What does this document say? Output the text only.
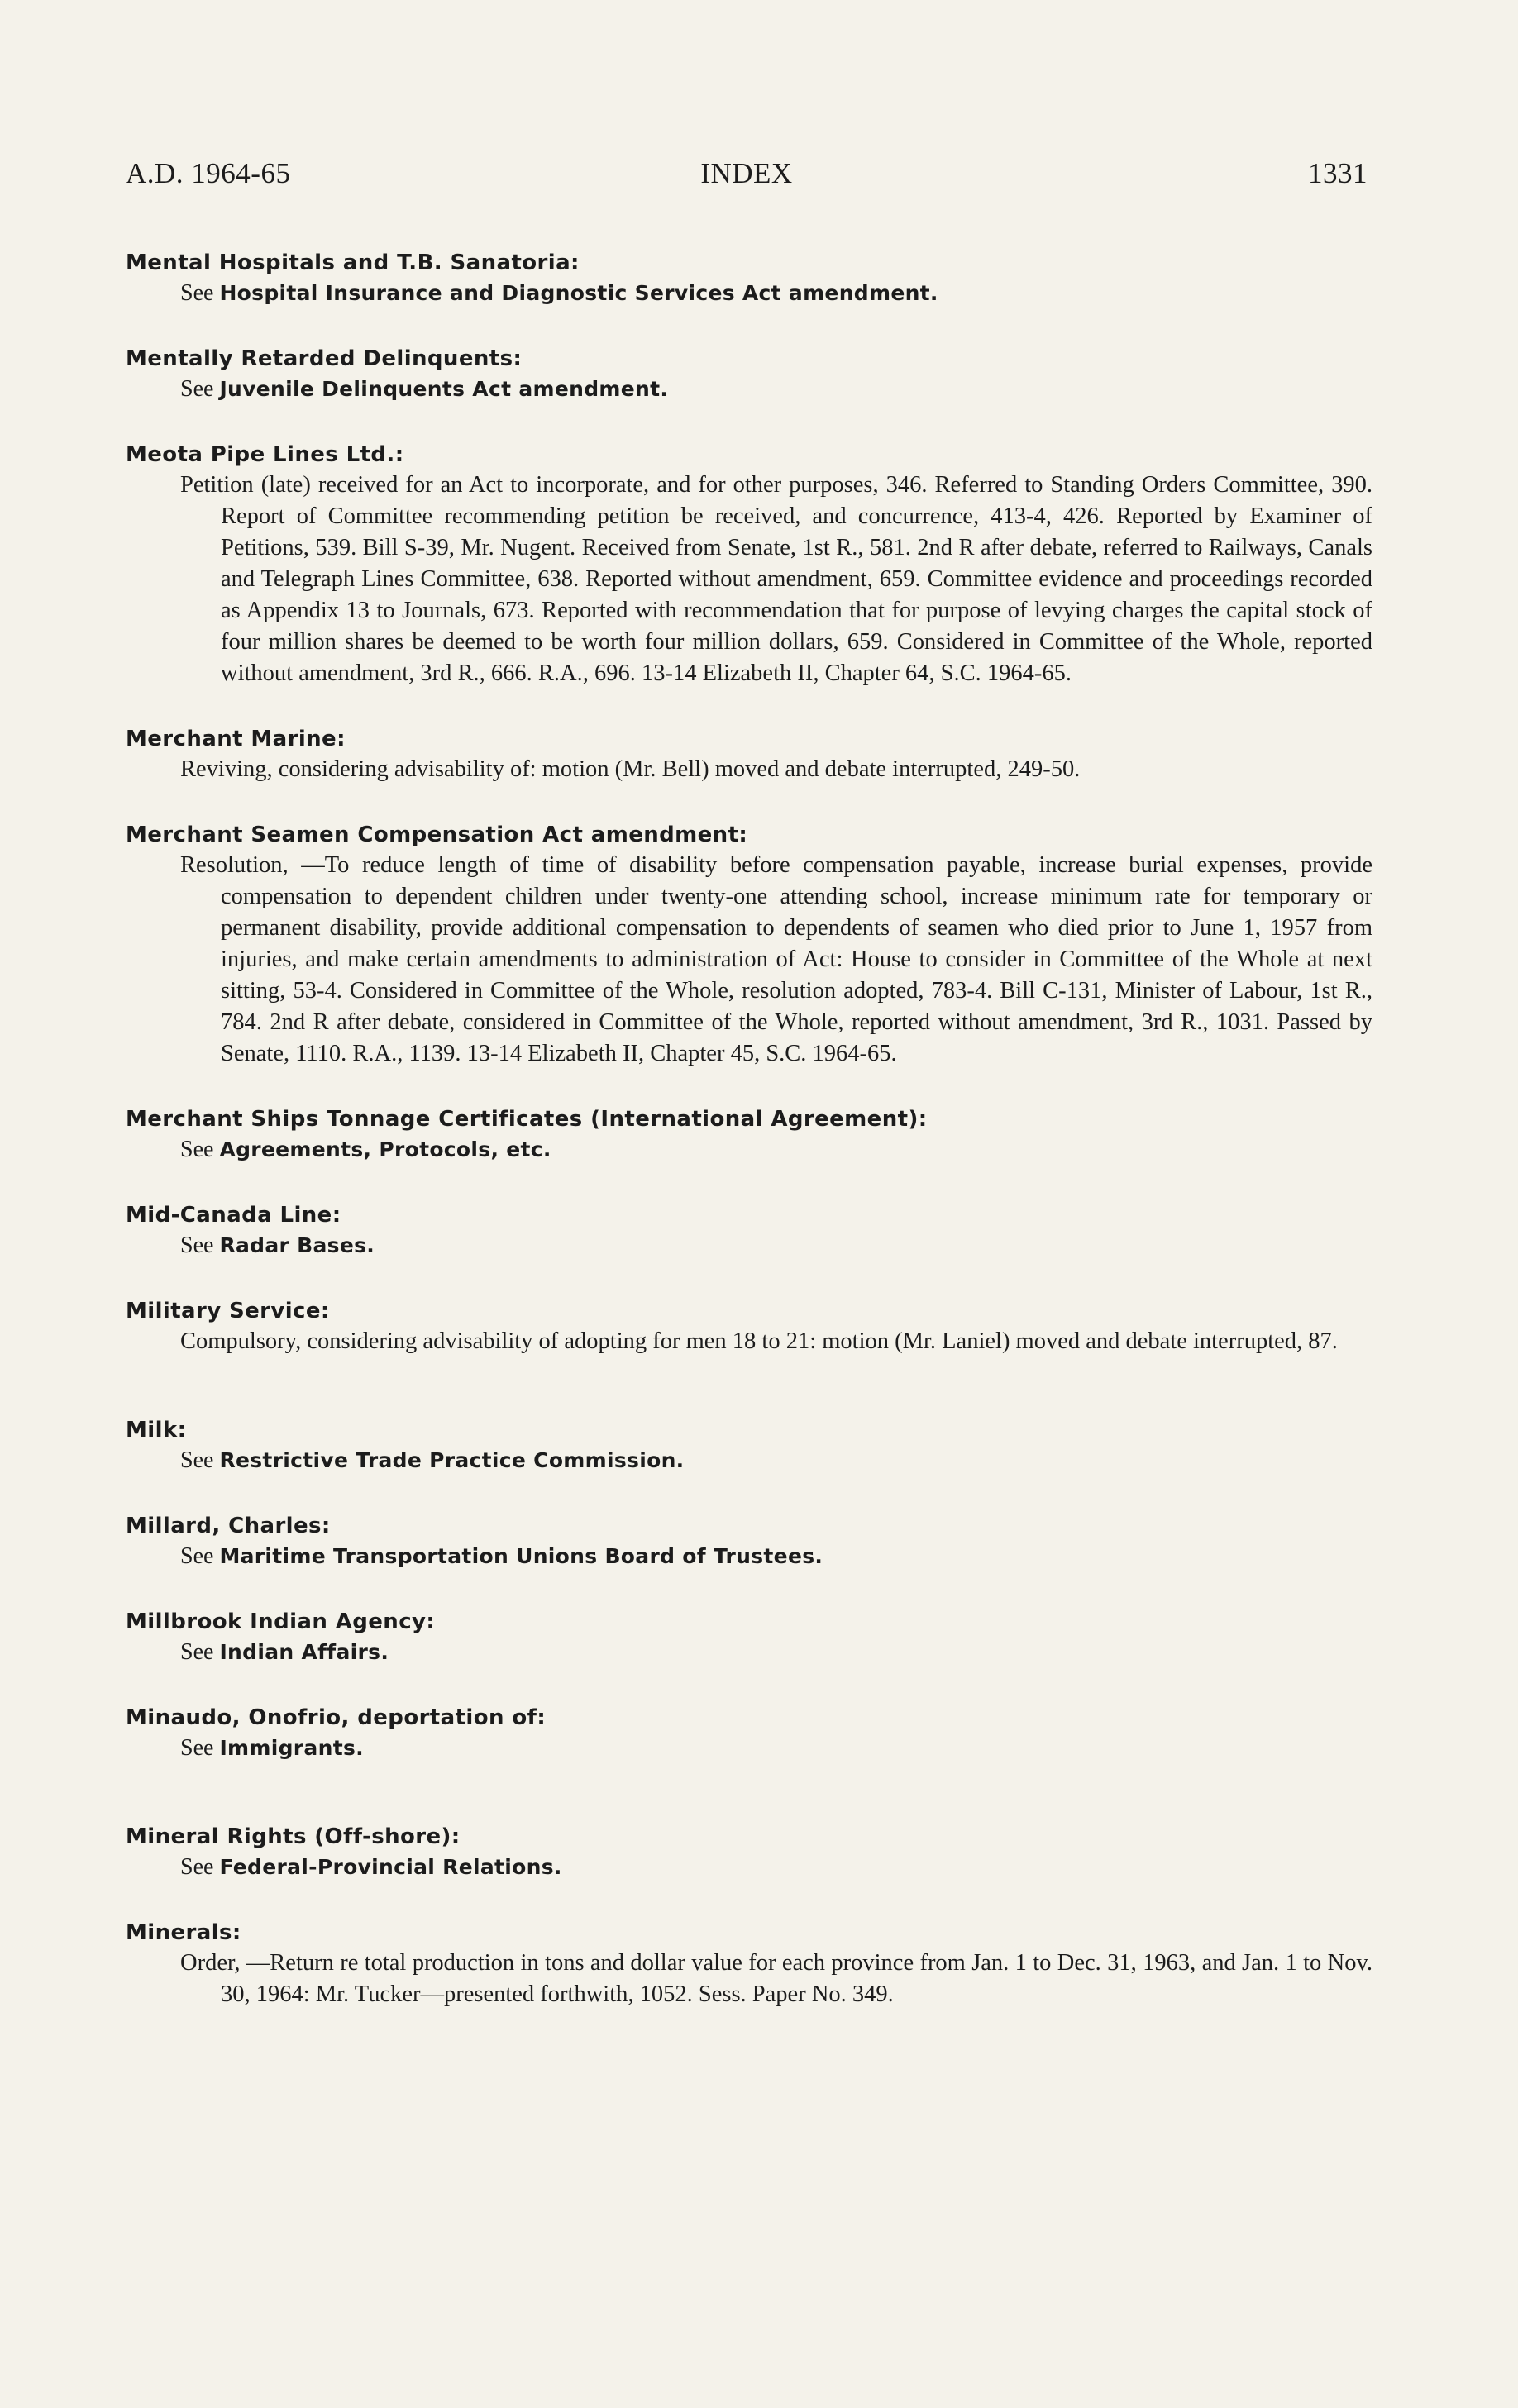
A.D. 1964-65	INDEX	1331
Mental Hospitals and T.B. Sanatoria:
See Hospital Insurance and Diagnostic Services Act amendment.
Mentally Retarded Delinquents:
See Juvenile Delinquents Act amendment.
Meota Pipe Lines Ltd.:
Petition (late) received for an Act to incorporate, and for other purposes, 346. Referred to Standing Orders Committee, 390. Report of Committee recommending petition be received, and concurrence, 413-4, 426. Reported by Examiner of Petitions, 539. Bill S-39, Mr. Nugent. Received from Senate, 1st R., 581. 2nd R after debate, referred to Railways, Canals and Telegraph Lines Committee, 638. Reported without amendment, 659. Committee evidence and proceedings recorded as Appendix 13 to Journals, 673. Reported with recommendation that for purpose of levying charges the capital stock of four million shares be deemed to be worth four million dollars, 659. Considered in Committee of the Whole, reported without amendment, 3rd R., 666. R.A., 696. 13-14 Elizabeth II, Chapter 64, S.C. 1964-65.
Merchant Marine:
Reviving, considering advisability of: motion (Mr. Bell) moved and debate interrupted, 249-50.
Merchant Seamen Compensation Act amendment:
Resolution, —To reduce length of time of disability before compensation payable, increase burial expenses, provide compensation to dependent children under twenty-one attending school, increase minimum rate for temporary or permanent disability, provide additional compensation to dependents of seamen who died prior to June 1, 1957 from injuries, and make certain amendments to administration of Act: House to consider in Committee of the Whole at next sitting, 53-4. Considered in Committee of the Whole, resolution adopted, 783-4. Bill C-131, Minister of Labour, 1st R., 784. 2nd R after debate, considered in Committee of the Whole, reported without amendment, 3rd R., 1031. Passed by Senate, 1110. R.A., 1139. 13-14 Elizabeth II, Chapter 45, S.C. 1964-65.
Merchant Ships Tonnage Certificates (International Agreement):
See Agreements, Protocols, etc.
Mid-Canada Line:
See Radar Bases.
Military Service:
Compulsory, considering advisability of adopting for men 18 to 21: motion (Mr. Laniel) moved and debate interrupted, 87.
Milk:
See Restrictive Trade Practice Commission.
Millard, Charles:
See Maritime Transportation Unions Board of Trustees.
Millbrook Indian Agency:
See Indian Affairs.
Minaudo, Onofrio, deportation of:
See Immigrants.
Mineral Rights (Off-shore):
See Federal-Provincial Relations.
Minerals:
Order, —Return re total production in tons and dollar value for each province from Jan. 1 to Dec. 31, 1963, and Jan. 1 to Nov. 30, 1964: Mr. Tucker—presented forthwith, 1052. Sess. Paper No. 349.
